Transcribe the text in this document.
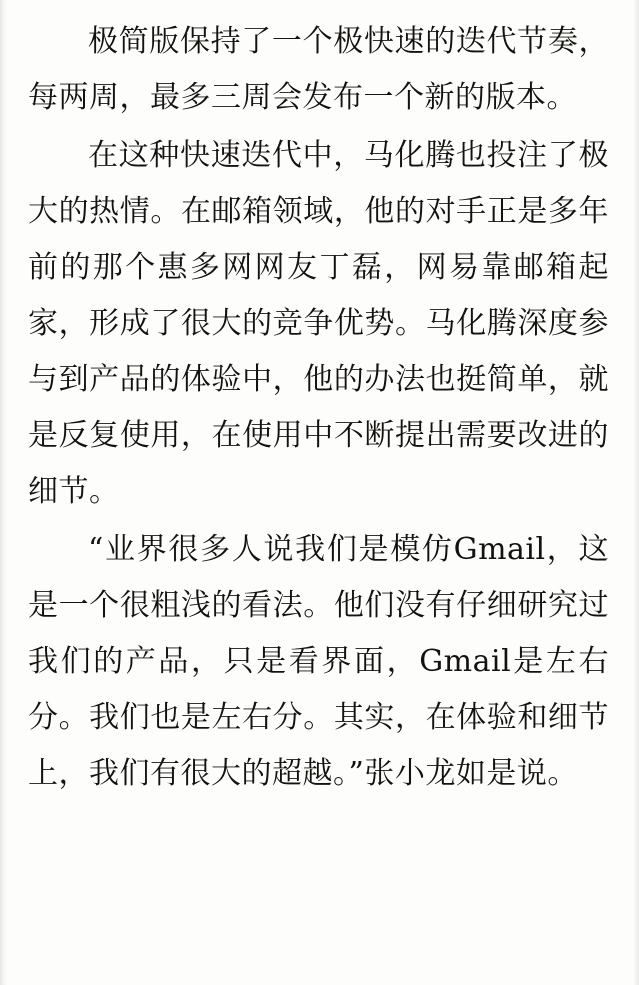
极简版保持了一个极快速的迭代节奏，每两周，最多三周会发布一个新的版本。

在这种快速迭代中，马化腾也投注了极大的热情。在邮箱领域，他的对手正是多年前的那个惠多网网友丁磊，网易靠邮箱起家，形成了很大的竞争优势。马化腾深度参与到产品的体验中，他的办法也挺简单，就是反复使用，在使用中不断提出需要改进的细节。

“业界很多人说我们是模仿Gmail，这是一个很粗浅的看法。他们没有仔细研究过我们的产品，只是看界面，Gmail是左右分。我们也是左右分。其实，在体验和细节上，我们有很大的超越。”张小龙如是说。
